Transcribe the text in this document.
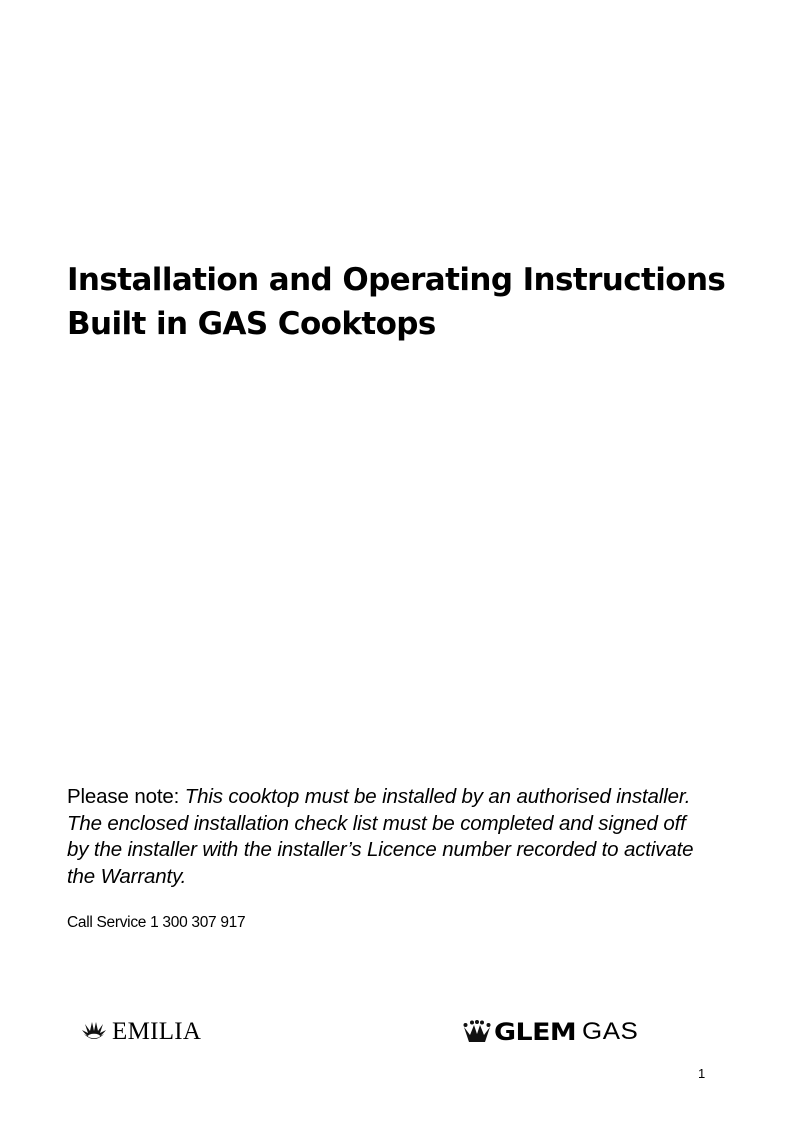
Installation and Operating Instructions
Built in GAS Cooktops
Please note: This cooktop must be installed by an authorised installer.
The enclosed installation check list must be completed and signed off
by the installer with the installer’s Licence number recorded to activate
the Warranty.
Call Service 1 300 307 917
EMILIA	GLEM GAS
1
